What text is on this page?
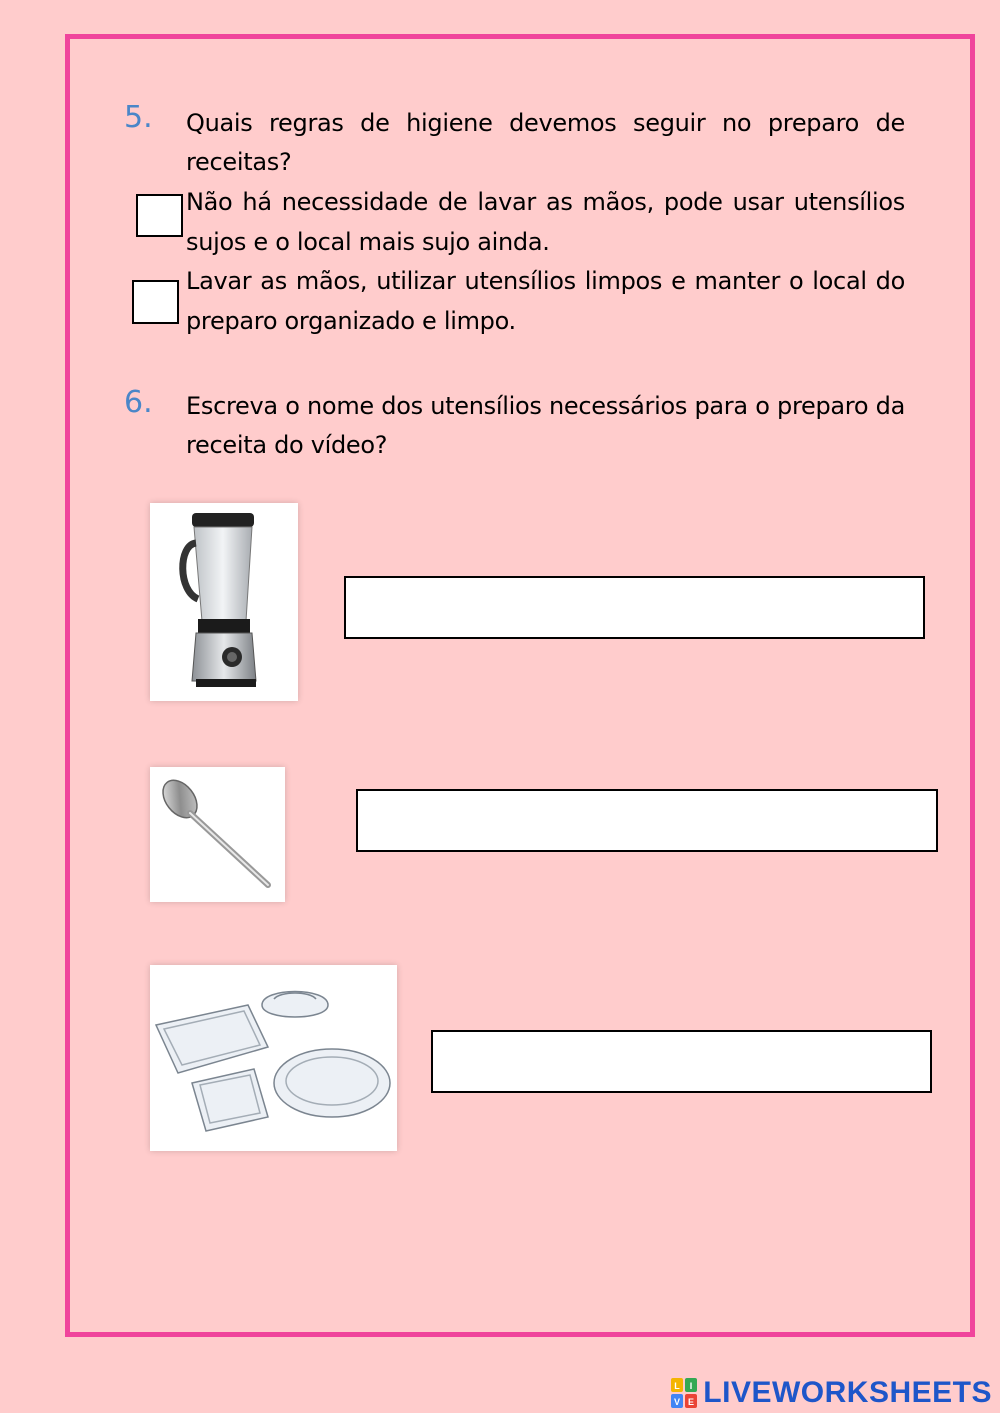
5. Quais regras de higiene devemos seguir no preparo de receitas?
Não há necessidade de lavar as mãos, pode usar utensílios sujos e o local mais sujo ainda.
Lavar as mãos, utilizar utensílios limpos e manter o local do preparo organizado e limpo.
6. Escreva o nome dos utensílios necessários para o preparo da receita do vídeo?
L I
V E LIVEWORKSHEETS
